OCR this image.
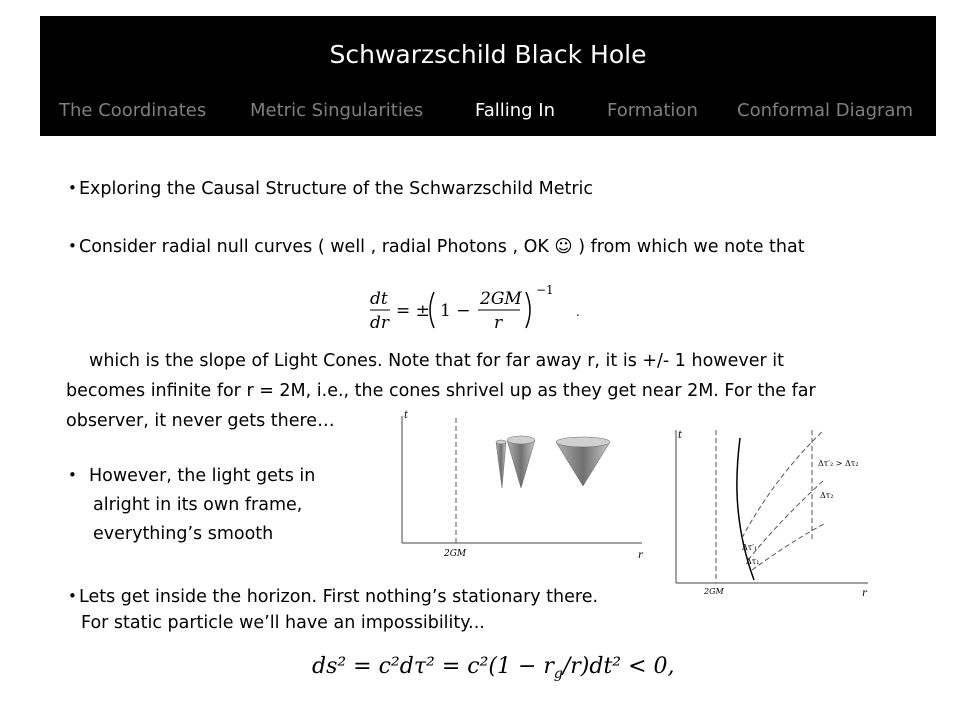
Schwarzschild Black Hole
The Coordinates Metric Singularities	Falling In	Formation Conformal Diagram
• Exploring the Causal Structure of the Schwarzschild Metric
• Consider radial null curves ( well , radial Photons , OK ☺ ) from which we note that
dt
dr
= ± 1 −
2GM
r
−1
.
which is the slope of Light Cones. Note that for far away r, it is +/- 1 however it
becomes infinite for r = 2M, i.e., the cones shrivel up as they get near 2M. For the far
observer, it never gets there…
• However, the light gets in
alright in its own frame,
everything’s smooth
t
r
2GM
t
r
2GM
Δτ′₂ > Δτ₂
Δτ₂
Δτ′₁
Δτ₁
• Lets get inside the horizon. First nothing’s stationary there.
For static particle we’ll have an impossibility...
$ds^2 = c^2d\tau^2 = c^2(1 - r_g/r)dt^2 < 0$,
